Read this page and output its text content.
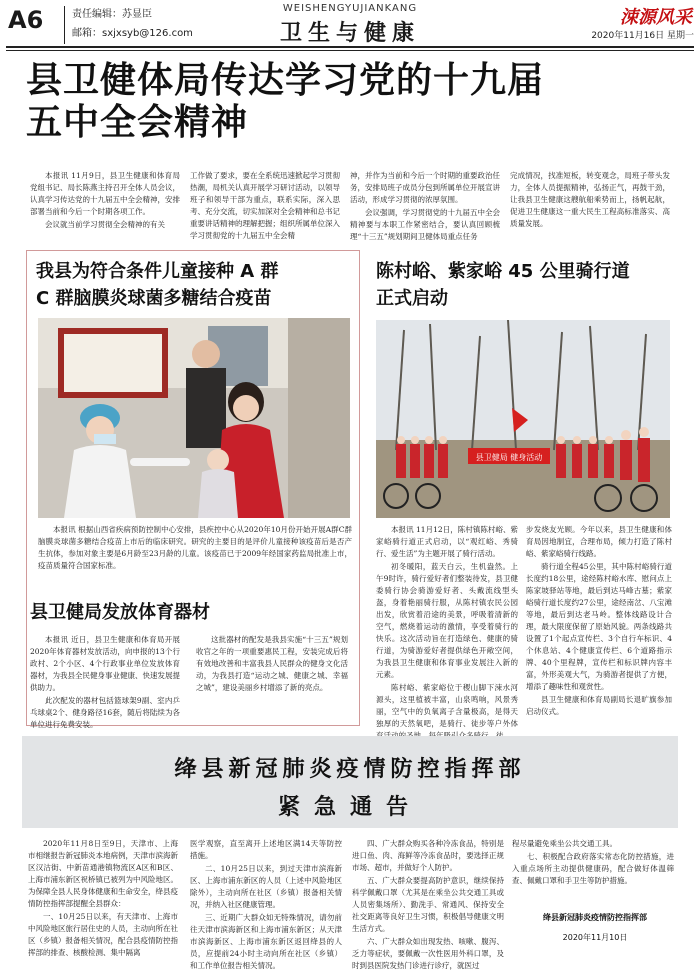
A6	责任编辑：苏显臣
邮箱：sxjxsyb@126.com
WEISHENGYUJIANKANG
卫生与健康
涑源风采
2020年11月16日 星期一
县卫健体局传达学习党的十九届
五中全会精神

本报讯 11月9日，县卫生健康和体育局党组书记、局长陈燕主持召开全体人员会议，认真学习传达党的十九届五中全会精神，安排部署当前和今后一个时期各项工作。

会议就当前学习贯彻全会精神的有关

工作做了要求，要在全系统迅速掀起学习贯彻热潮，局机关认真开展学习研讨活动，以领导班子和领导干部为重点，联系实际，深入思考、充分交流，切实加深对全会精神和总书记重要讲话精神的理解把握；组织所属单位深入学习贯彻党的十九届五中全会精

神，并作为当前和今后一个时期的重要政治任务，安排局班子成员分包到所属单位开展宣讲活动，形成学习贯彻的浓厚氛围。

会议强调，学习贯彻党的十九届五中全会精神要与本职工作紧密结合，要认真回顾梳理“十三五”规划期间卫健体局重点任务

完成情况，找准短板，转变观念，局班子带头发力，全体人员提振精神，弘扬正气，再鼓干劲，让我县卫生健康这艘航船乘势而上，扬帆起航，促进卫生健康这一重大民生工程高标准落实、高质量发展。

我县为符合条件儿童接种 A 群
C 群脑膜炎球菌多糖结合疫苗

本报讯 根据山西省疾病预防控制中心安排，县疾控中心从2020年10月份开始开展A群C群脑膜炎球菌多糖结合疫苗上市后的临床研究。研究的主要目的是评价儿童接种该疫苗后是否产生抗体，参加对象主要是6月龄至23月龄的儿童。该疫苗已于2009年经国家药监局批准上市，疫苗质量符合国家标准。

县卫健局发放体育器材

本报讯 近日，县卫生健康和体育局开展2020年体育器材发放活动，向申报的13个行政村、2个小区、4个行政事业单位发放体育器材，为我县全民健身事业健康、快速发展提供助力。

此次配发的器材包括篮球架9副、室内乒乓球桌2个、健身路径16套，随后将陆续为各单位进行免费安装。

这批器材的配发是我县实施“十三五”规划收官之年的一项重要惠民工程，安装完成后将有效地改善和丰富我县人民群众的健身文化活动，为我县打造“运动之城、健康之城、幸福之城”，建设美丽乡村增添了新的亮点。

陈村峪、紫家峪 45 公里骑行道
正式启动
县卫健局 健身活动

本报讯 11月12日，陈村镇陈村峪、紫家峪骑行道正式启动，以“观红峪、秀骑行、爱生活”为主题开展了骑行活动。

初冬暖阳，蓝天白云，生机盎然。上午9时许，骑行爱好者们整装待发，县卫健委骑行协会骑游爱好者、头戴流线型头盔，身着艳丽骑行服，从陈村镇农民公园出发，欣赏着沿途的美景，呼吸着清新的空气，燃烧着运动的激情，享受着骑行的快乐。这次活动旨在打造绿色、健康的骑行道，为骑游爱好者提供绿色开敞空间，为我县卫生健康和体育事业发展注入新的元素。

陈村峪、紫家峪位于稷山脚下涑水河源头，这里植被丰富，山泉鸣响，风景秀丽，空气中的负氧离子含量极高，是得天独厚的天然氧吧，是骑行、徒步等户外体

步发烧友光顾。今年以来，县卫生健康和体育局因地制宜，合理布局，倾力打造了陈村峪、紫家峪骑行线路。

骑行道全程45公里，其中陈村峪骑行道长度约18公里，途经陈村峪水库、慰问点上陈家坡驿站等地，最后到达马峰古墓；紫家峪骑行道长度约27公里，途经南岔、八宝滩等地，最后到达老马岭。整体线路设计合理，最大限度保留了原始风貌。两条线路共设置了1个起点宣传栏、3个自行车标识、4个休息站、4个健康宣传栏、6个道路指示牌、40个里程牌，宣传栏和标识牌内容丰富，外形美观大气，为骑游者提供了方便，增添了趣味性和观赏性。

县卫生健康和体育局副局长退旷旗参加启动仪式。

绛县新冠肺炎疫情防控指挥部
紧急通告

2020年11月8日至9日，天津市、上海市相继报告新冠肺炎本地病例，天津市滨海新区汉沽街、中新苗通港镇物流区A区和B区、上海市浦东新区祝桥镇已被列为中风险地区。为保障全县人民身体健康和生命安全，绛县疫情防控指挥部提醒全县群众：

一、10月25日以来，有天津市、上海市中风险地区旅行居住史的人员，主动向所在社区（乡镇）报备相关情况，配合县疫情防控指挥部的排查、核酸检测、集中隔离

医学观察，直至离开上述地区满14天等防控措施。

二、10月25日以来，到过天津市滨海新区、上海市浦东新区的人员（上述中风险地区除外），主动向所在社区（乡镇）报备相关情况，并纳入社区健康管理。

三、近期广大群众如无特殊情况，请勿前往天津市滨海新区和上海市浦东新区；从天津市滨海新区、上海市浦东新区返回绛县的人员，应提前24小时主动向所在社区（乡镇）和工作单位报告相关情况。

四、广大群众购买各种冷冻食品，特别是进口鱼、肉、海鲜等冷冻食品时，要选择正规市场、超市，并做好个人防护。

五、广大群众要提高防护意识，继续保持科学佩戴口罩（尤其是在乘坐公共交通工具或人员密集场所）、勤洗手、常通风、保持安全社交距离等良好卫生习惯，积极倡导健康文明生活方式。

六、广大群众如出现发热、咳嗽、腹泻、乏力等症状，要佩戴一次性医用外科口罩，及时到县医院发热门诊进行诊疗，就医过

程尽量避免乘坐公共交通工具。

七、积极配合政府落实常态化防控措施，进入重点场所主动提供健康码，配合做好体温筛查、佩戴口罩和手卫生等防护措施。

绛县新冠肺炎疫情防控指挥部
2020年11月10日
